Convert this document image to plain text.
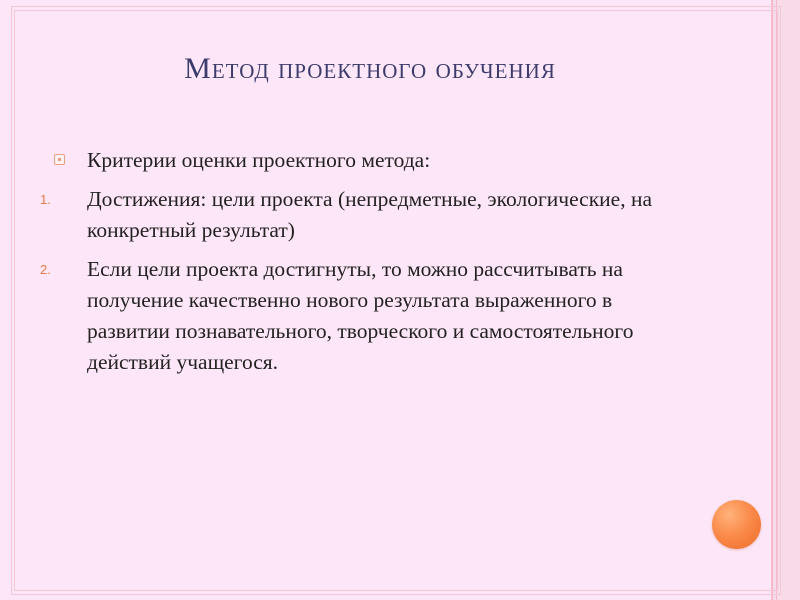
Метод проектного обучения
Критерии оценки проектного метода:
1. Достижения: цели проекта (непредметные, экологические, на конкретный результат)
2. Если цели проекта достигнуты, то можно рассчитывать на получение качественно нового результата выраженного в развитии познавательного, творческого и самостоятельного действий учащегося.
